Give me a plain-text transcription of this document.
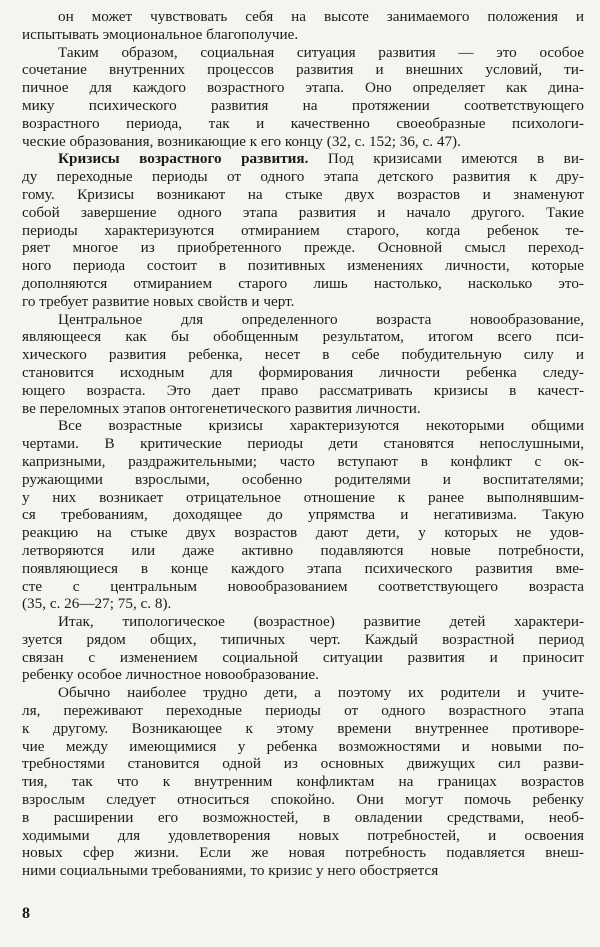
он может чувствовать себя на высоте занимаемого положения и
испытывать эмоциональное благополучие.
Таким образом, социальная ситуация развития — это особое
сочетание внутренних процессов развития и внешних условий, ти-
пичное для каждого возрастного этапа. Оно определяет как дина-
мику психического развития на протяжении соответствующего
возрастного периода, так и качественно своеобразные психологи-
ческие образования, возникающие к его концу (32, с. 152; 36, с. 47).
Кризисы возрастного развития. Под кризисами имеются в ви-
ду переходные периоды от одного этапа детского развития к дру-
гому. Кризисы возникают на стыке двух возрастов и знаменуют
собой завершение одного этапа развития и начало другого. Такие
периоды характеризуются отмиранием старого, когда ребенок те-
ряет многое из приобретенного прежде. Основной смысл переход-
ного периода состоит в позитивных изменениях личности, которые
дополняются отмиранием старого лишь настолько, насколько это-
го требует развитие новых свойств и черт.
Центральное для определенного возраста новообразование,
являющееся как бы обобщенным результатом, итогом всего пси-
хического развития ребенка, несет в себе побудительную силу и
становится исходным для формирования личности ребенка следу-
ющего возраста. Это дает право рассматривать кризисы в качест-
ве переломных этапов онтогенетического развития личности.
Все возрастные кризисы характеризуются некоторыми общими
чертами. В критические периоды дети становятся непослушными,
капризными, раздражительными; часто вступают в конфликт с ок-
ружающими взрослыми, особенно родителями и воспитателями;
у них возникает отрицательное отношение к ранее выполнявшим-
ся требованиям, доходящее до упрямства и негативизма. Такую
реакцию на стыке двух возрастов дают дети, у которых не удов-
летворяются или даже активно подавляются новые потребности,
появляющиеся в конце каждого этапа психического развития вме-
сте с центральным новообразованием соответствующего возраста
(35, с. 26—27; 75, с. 8).
Итак, типологическое (возрастное) развитие детей характери-
зуется рядом общих, типичных черт. Каждый возрастной период
связан с изменением социальной ситуации развития и приносит
ребенку особое личностное новообразование.
Обычно наиболее трудно дети, а поэтому их родители и учите-
ля, переживают переходные периоды от одного возрастного этапа
к другому. Возникающее к этому времени внутреннее противоре-
чие между имеющимися у ребенка возможностями и новыми по-
требностями становится одной из основных движущих сил разви-
тия, так что к внутренним конфликтам на границах возрастов
взрослым следует относиться спокойно. Они могут помочь ребенку
в расширении его возможностей, в овладении средствами, необ-
ходимыми для удовлетворения новых потребностей, и освоения
новых сфер жизни. Если же новая потребность подавляется внеш-
ними социальными требованиями, то кризис у него обостряется
8
